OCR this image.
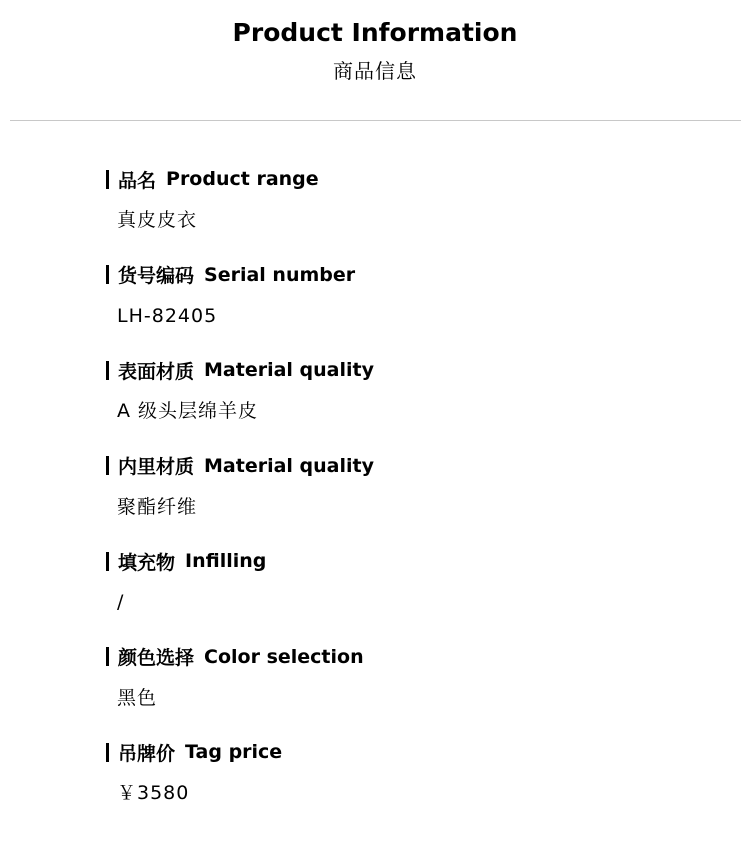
Product Information
商品信息
品名 Product range
真皮皮衣
货号编码 Serial number
LH-82405
表面材质 Material quality
A 级头层绵羊皮
内里材质 Material quality
聚酯纤维
填充物 Infilling
/
颜色选择 Color selection
黑色
吊牌价 Tag price
￥3580
